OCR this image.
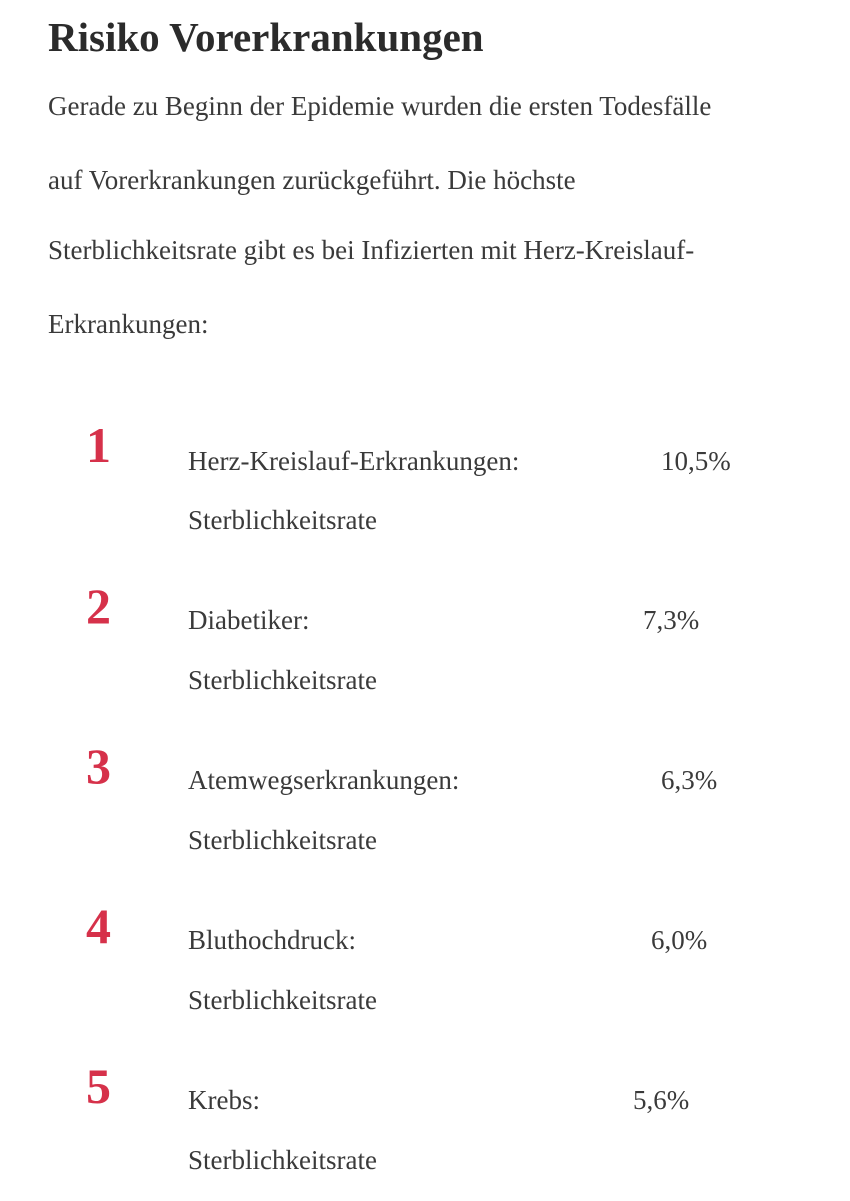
Risiko Vorerkrankungen
Gerade zu Beginn der Epidemie wurden die ersten Todesfälle
auf Vorerkrankungen zurückgeführt. Die höchste
Sterblichkeitsrate gibt es bei Infizierten mit Herz-Kreislauf-
Erkrankungen:
1	Herz-Kreislauf-Erkrankungen:	10,5%
Sterblichkeitsrate
2	Diabetiker:	7,3%
Sterblichkeitsrate
3	Atemwegserkrankungen:	6,3%
Sterblichkeitsrate
4	Bluthochdruck:	6,0%
Sterblichkeitsrate
5	Krebs:	5,6%
Sterblichkeitsrate
